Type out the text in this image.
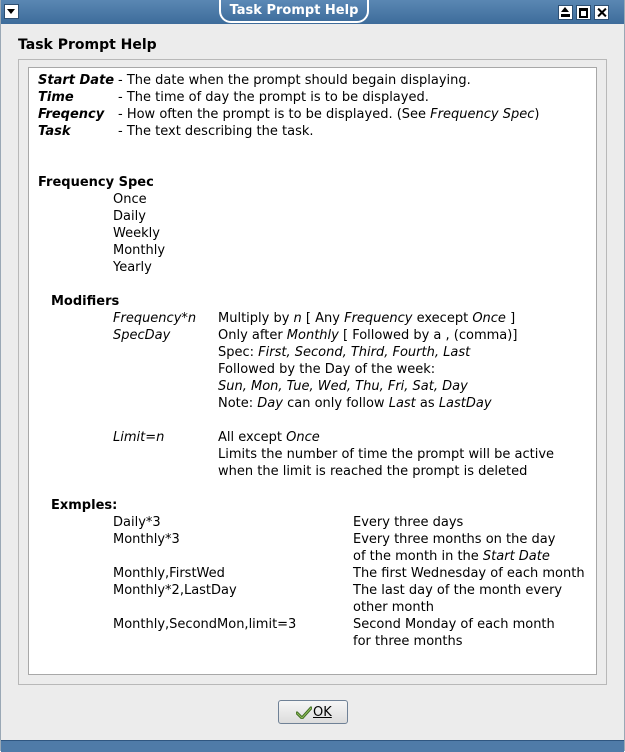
Task Prompt Help
Task Prompt Help
Start Date - The date when the prompt should begain displaying.
Time	- The time of day the prompt is to be displayed.
Freqency - How often the prompt is to be displayed. (See Frequency Spec)
Task	- The text describing the task.
Frequency Spec
Once
Daily
Weekly
Monthly
Yearly
Modifiers
Frequency*n Multiply by n [ Any Frequency execept Once ]
SpecDay	Only after Monthly [ Followed by a , (comma)]
Spec: First, Second, Third, Fourth, Last
Followed by the Day of the week:
Sun, Mon, Tue, Wed, Thu, Fri, Sat, Day
Note: Day can only follow Last as LastDay
Limit=n	All except Once
Limits the number of time the prompt will be active
when the limit is reached the prompt is deleted
Exmples:
Daily*3	Every three days
Monthly*3	Every three months on the day
of the month in the Start Date
Monthly,FirstWed	The first Wednesday of each month
Monthly*2,LastDay	The last day of the month every
other month
Monthly,SecondMon,limit=3	Second Monday of each month
for three months
OK
